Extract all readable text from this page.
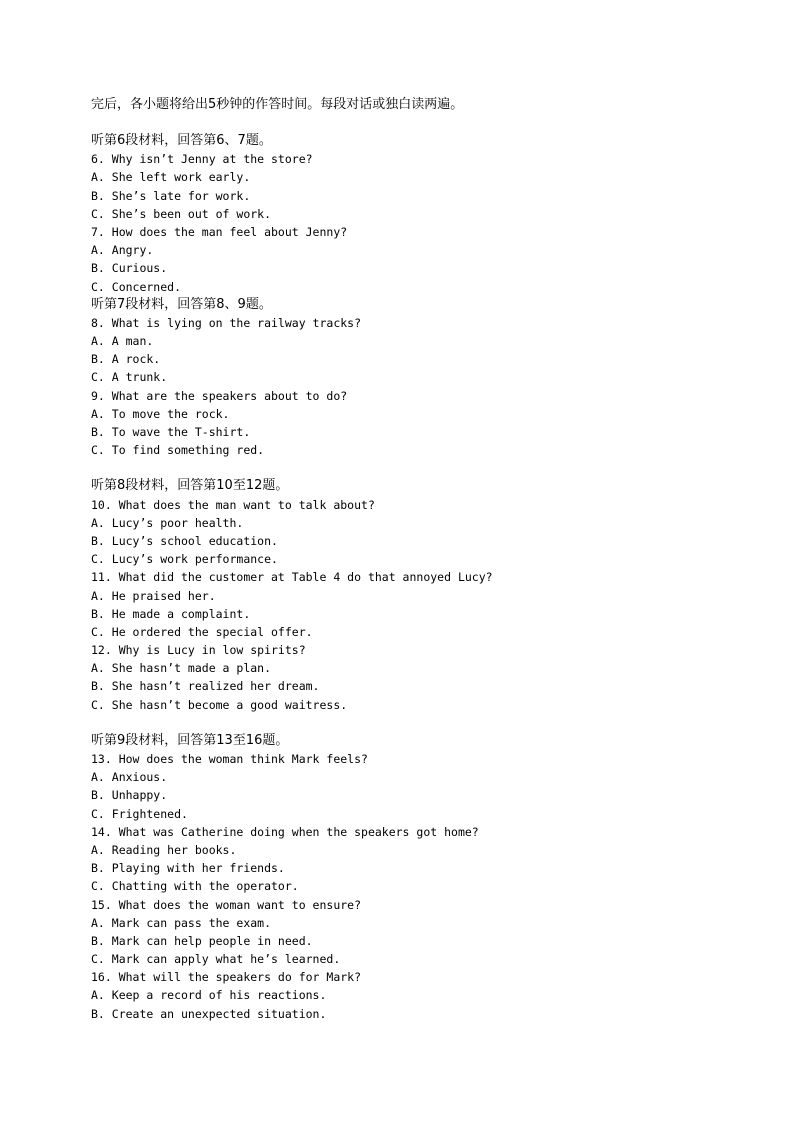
完后，各小题将给出5秒钟的作答时间。每段对话或独白读两遍。
听第6段材料，回答第6、7题。
6. Why isn’t Jenny at the store?
A. She left work early.
B. She’s late for work.
C. She’s been out of work.
7. How does the man feel about Jenny?
A. Angry.
B. Curious.
C. Concerned.
听第7段材料，回答第8、9题。
8. What is lying on the railway tracks?
A. A man.
B. A rock.
C. A trunk.
9. What are the speakers about to do?
A. To move the rock.
B. To wave the T-shirt.
C. To find something red.
听第8段材料，回答第10至12题。
10. What does the man want to talk about?
A. Lucy’s poor health.
B. Lucy’s school education.
C. Lucy’s work performance.
11. What did the customer at Table 4 do that annoyed Lucy?
A. He praised her.
B. He made a complaint.
C. He ordered the special offer.
12. Why is Lucy in low spirits?
A. She hasn’t made a plan.
B. She hasn’t realized her dream.
C. She hasn’t become a good waitress.
听第9段材料，回答第13至16题。
13. How does the woman think Mark feels?
A. Anxious.
B. Unhappy.
C. Frightened.
14. What was Catherine doing when the speakers got home?
A. Reading her books.
B. Playing with her friends.
C. Chatting with the operator.
15. What does the woman want to ensure?
A. Mark can pass the exam.
B. Mark can help people in need.
C. Mark can apply what he’s learned.
16. What will the speakers do for Mark?
A. Keep a record of his reactions.
B. Create an unexpected situation.
